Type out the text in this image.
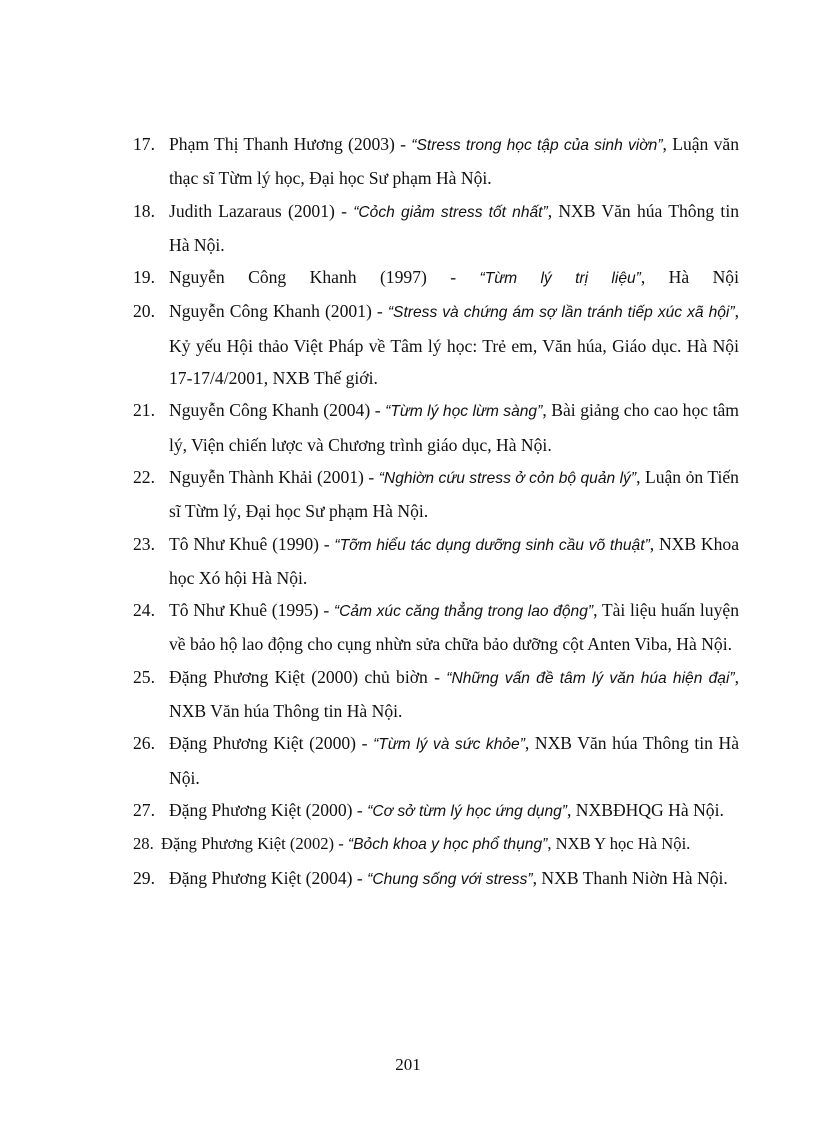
17. Phạm Thị Thanh Hương (2003) - “Stress trong học tập của sinh viờn”, Luận văn thạc sĩ Từm lý học, Đại học Sư phạm Hà Nội.
18. Judith Lazaraus (2001) - “Cỏch giảm stress tốt nhất”, NXB Văn húa Thông tin Hà Nội.
19. Nguyễn Công Khanh (1997) - “Từm lý trị liệu”, Hà Nội
20. Nguyễn Công Khanh (2001) - “Stress và chứng ám sợ lần tránh tiếp xúc xã hội”, Kỷ yếu Hội thảo Việt Pháp về Tâm lý học: Trẻ em, Văn húa, Giáo dục. Hà Nội 17-17/4/2001, NXB Thế giới.
21. Nguyễn Công Khanh (2004) - “Từm lý học lừm sàng”, Bài giảng cho cao học tâm lý, Viện chiến lược và Chương trình giáo dục, Hà Nội.
22. Nguyễn Thành Khải (2001) - “Nghiờn cứu stress ở cỏn bộ quản lý”, Luận ỏn Tiến sĩ Từm lý, Đại học Sư phạm Hà Nội.
23. Tô Như Khuê (1990) - “Tỡm hiểu tác dụng dưỡng sinh cầu võ thuật”, NXB Khoa học Xó hội Hà Nội.
24. Tô Như Khuê (1995) - “Cảm xúc căng thẳng trong lao động”, Tài liệu huấn luyện về bảo hộ lao động cho cụng nhừn sửa chữa bảo dưỡng cột Anten Viba, Hà Nội.
25. Đặng Phương Kiệt (2000) chủ biờn - “Những vấn đề tâm lý văn húa hiện đại”, NXB Văn húa Thông tin Hà Nội.
26. Đặng Phương Kiệt (2000) - “Từm lý và sức khỏe”, NXB Văn húa Thông tin Hà Nội.
27. Đặng Phương Kiệt (2000) - “Cơ sở từm lý học ứng dụng”, NXBĐHQG Hà Nội.
28. Đặng Phương Kiệt (2002) - “Bỏch khoa y học phổ thụng”, NXB Y học Hà Nội.
29. Đặng Phương Kiệt (2004) - “Chung sống với stress”, NXB Thanh Niờn Hà Nội.
201
